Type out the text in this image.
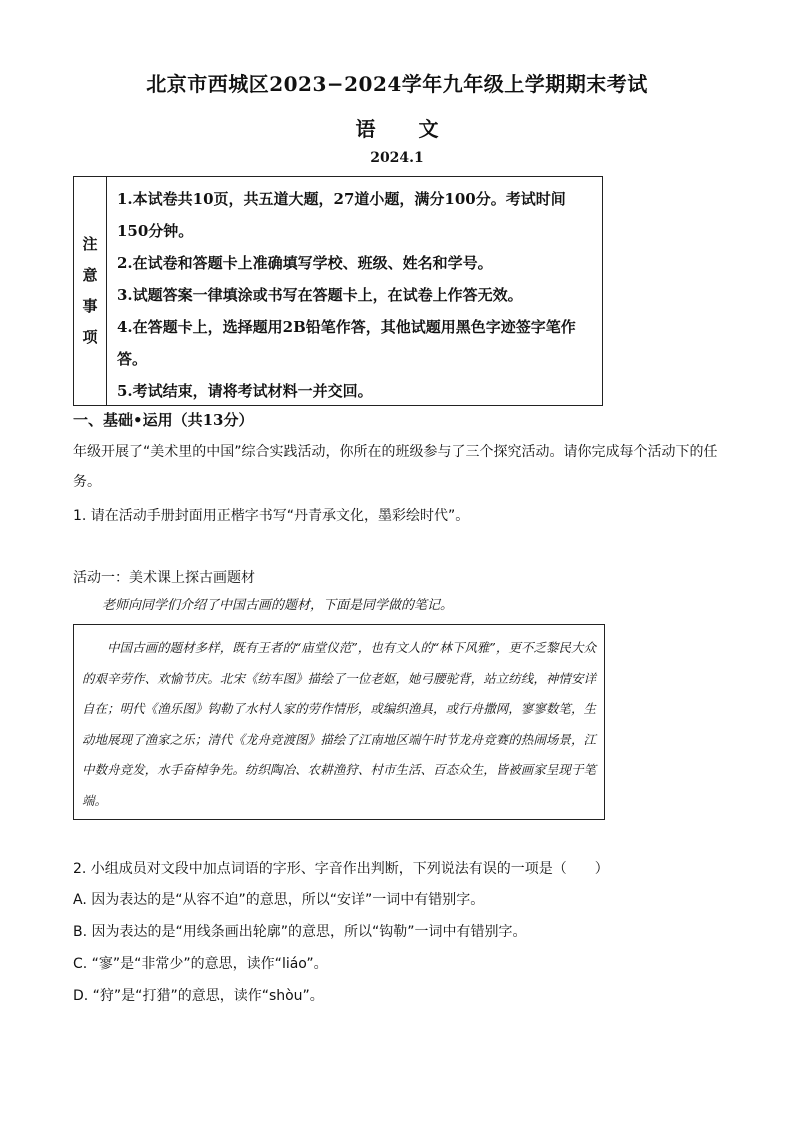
北京市西城区2023−2024学年九年级上学期期末考试
语 文
2024.1
注
意
事
项

1.本试卷共10页，共五道大题，27道小题，满分100分。考试时间150分钟。

2.在试卷和答题卡上准确填写学校、班级、姓名和学号。

3.试题答案一律填涂或书写在答题卡上，在试卷上作答无效。

4.在答题卡上，选择题用2B铅笔作答，其他试题用黑色字迹签字笔作答。

5.考试结束，请将考试材料一并交回。

一、基础•运用（共13分）
年级开展了“美术里的中国”综合实践活动，你所在的班级参与了三个探究活动。请你完成每个活动下的任务。
1. 请在活动手册封面用正楷字书写“丹青承文化，墨彩绘时代”。
活动一：美术课上探古画题材
老师向同学们介绍了中国古画的题材，下面是同学做的笔记。
中国古画的题材多样，既有王者的“庙堂仪范”，也有文人的“林下风雅”，更不乏黎民大众的艰辛劳作、欢愉节庆。北宋《纺车图》描绘了一位老妪，她弓腰驼背，站立纺线，神情安详自在；明代《渔乐图》钩勒了水村人家的劳作情形，或编织渔具，或行舟撒网，寥寥数笔，生动地展现了渔家之乐；清代《龙舟竞渡图》描绘了江南地区端午时节龙舟竞赛的热闹场景，江中数舟竞发，水手奋棹争先。纺织陶冶、农耕渔狩、村市生活、百态众生，皆被画家呈现于笔端。
2. 小组成员对文段中加点词语的字形、字音作出判断，下列说法有误的一项是（　　）
A. 因为表达的是“从容不迫”的意思，所以“安详”一词中有错别字。
B. 因为表达的是“用线条画出轮廓”的意思，所以“钩勒”一词中有错别字。
C. “寥”是“非常少”的意思，读作“liáo”。
D. “狩”是“打猎”的意思，读作“shòu”。
